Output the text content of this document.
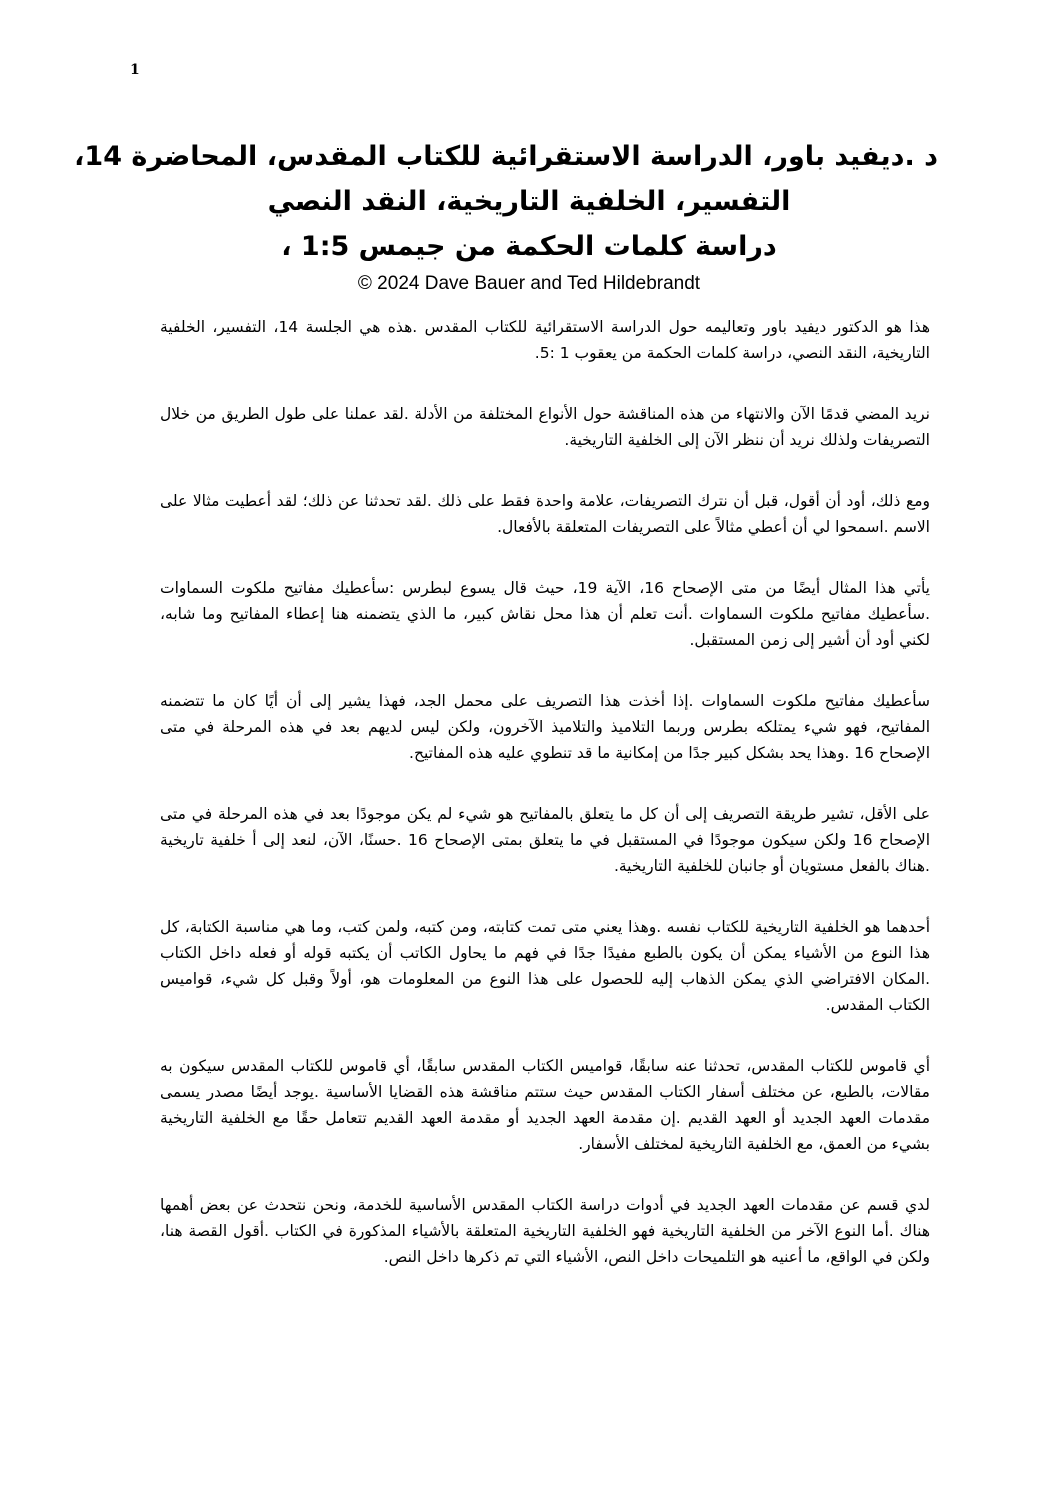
1
د .ديفيد باور، الدراسة الاستقرائية للكتاب المقدس، المحاضرة 14،
التفسير، الخلفية التاريخية، النقد النصي
دراسة كلمات الحكمة من جيمس 1:5 ،
© 2024 Dave Bauer and Ted Hildebrandt

هذا هو الدكتور ديفيد باور وتعاليمه حول الدراسة الاستقرائية للكتاب المقدس .هذه هي الجلسة 14، التفسير، الخلفية التاريخية، النقد النصي، دراسة كلمات الحكمة من يعقوب 1 :5.

نريد المضي قدمًا الآن والانتهاء من هذه المناقشة حول الأنواع المختلفة من الأدلة .لقد عملنا على طول الطريق من خلال التصريفات ولذلك نريد أن ننظر الآن إلى الخلفية التاريخية.

ومع ذلك، أود أن أقول، قبل أن نترك التصريفات، علامة واحدة فقط على ذلك .لقد تحدثنا عن ذلك؛ لقد أعطيت مثالا على الاسم .اسمحوا لي أن أعطي مثالاً على التصريفات المتعلقة بالأفعال.

يأتي هذا المثال أيضًا من متى الإصحاح 16، الآية 19، حيث قال يسوع لبطرس :سأعطيك مفاتيح ملكوت السماوات .سأعطيك مفاتيح ملكوت السماوات .أنت تعلم أن هذا محل نقاش كبير، ما الذي يتضمنه هنا إعطاء المفاتيح وما شابه، لكني أود أن أشير إلى زمن المستقبل.

سأعطيك مفاتيح ملكوت السماوات .إذا أخذت هذا التصريف على محمل الجد، فهذا يشير إلى أن أيًا كان ما تتضمنه المفاتيح، فهو شيء يمتلكه بطرس وربما التلاميذ والتلاميذ الآخرون، ولكن ليس لديهم بعد في هذه المرحلة في متى الإصحاح 16 .وهذا يحد بشكل كبير جدًا من إمكانية ما قد تنطوي عليه هذه المفاتيح.

على الأقل، تشير طريقة التصريف إلى أن كل ما يتعلق بالمفاتيح هو شيء لم يكن موجودًا بعد في هذه المرحلة في متى الإصحاح 16 ولكن سيكون موجودًا في المستقبل في ما يتعلق بمتى الإصحاح 16 .حسنًا، الآن، لنعد إلى أ خلفية تاريخية .هناك بالفعل مستويان أو جانبان للخلفية التاريخية.

أحدهما هو الخلفية التاريخية للكتاب نفسه .وهذا يعني متى تمت كتابته، ومن كتبه، ولمن كتب، وما هي مناسبة الكتابة، كل هذا النوع من الأشياء يمكن أن يكون بالطبع مفيدًا جدًا في فهم ما يحاول الكاتب أن يكتبه قوله أو فعله داخل الكتاب .المكان الافتراضي الذي يمكن الذهاب إليه للحصول على هذا النوع من المعلومات هو، أولاً وقبل كل شيء، قواميس الكتاب المقدس.

أي قاموس للكتاب المقدس، تحدثنا عنه سابقًا، قواميس الكتاب المقدس سابقًا، أي قاموس للكتاب المقدس سيكون به مقالات، بالطبع، عن مختلف أسفار الكتاب المقدس حيث ستتم مناقشة هذه القضايا الأساسية .يوجد أيضًا مصدر يسمى مقدمات العهد الجديد أو العهد القديم .إن مقدمة العهد الجديد أو مقدمة العهد القديم تتعامل حقًا مع الخلفية التاريخية بشيء من العمق، مع الخلفية التاريخية لمختلف الأسفار.

لدي قسم عن مقدمات العهد الجديد في أدوات دراسة الكتاب المقدس الأساسية للخدمة، ونحن نتحدث عن بعض أهمها هناك .أما النوع الآخر من الخلفية التاريخية فهو الخلفية التاريخية المتعلقة بالأشياء المذكورة في الكتاب .أقول القصة هنا، ولكن في الواقع، ما أعنيه هو التلميحات داخل النص، الأشياء التي تم ذكرها داخل النص.
